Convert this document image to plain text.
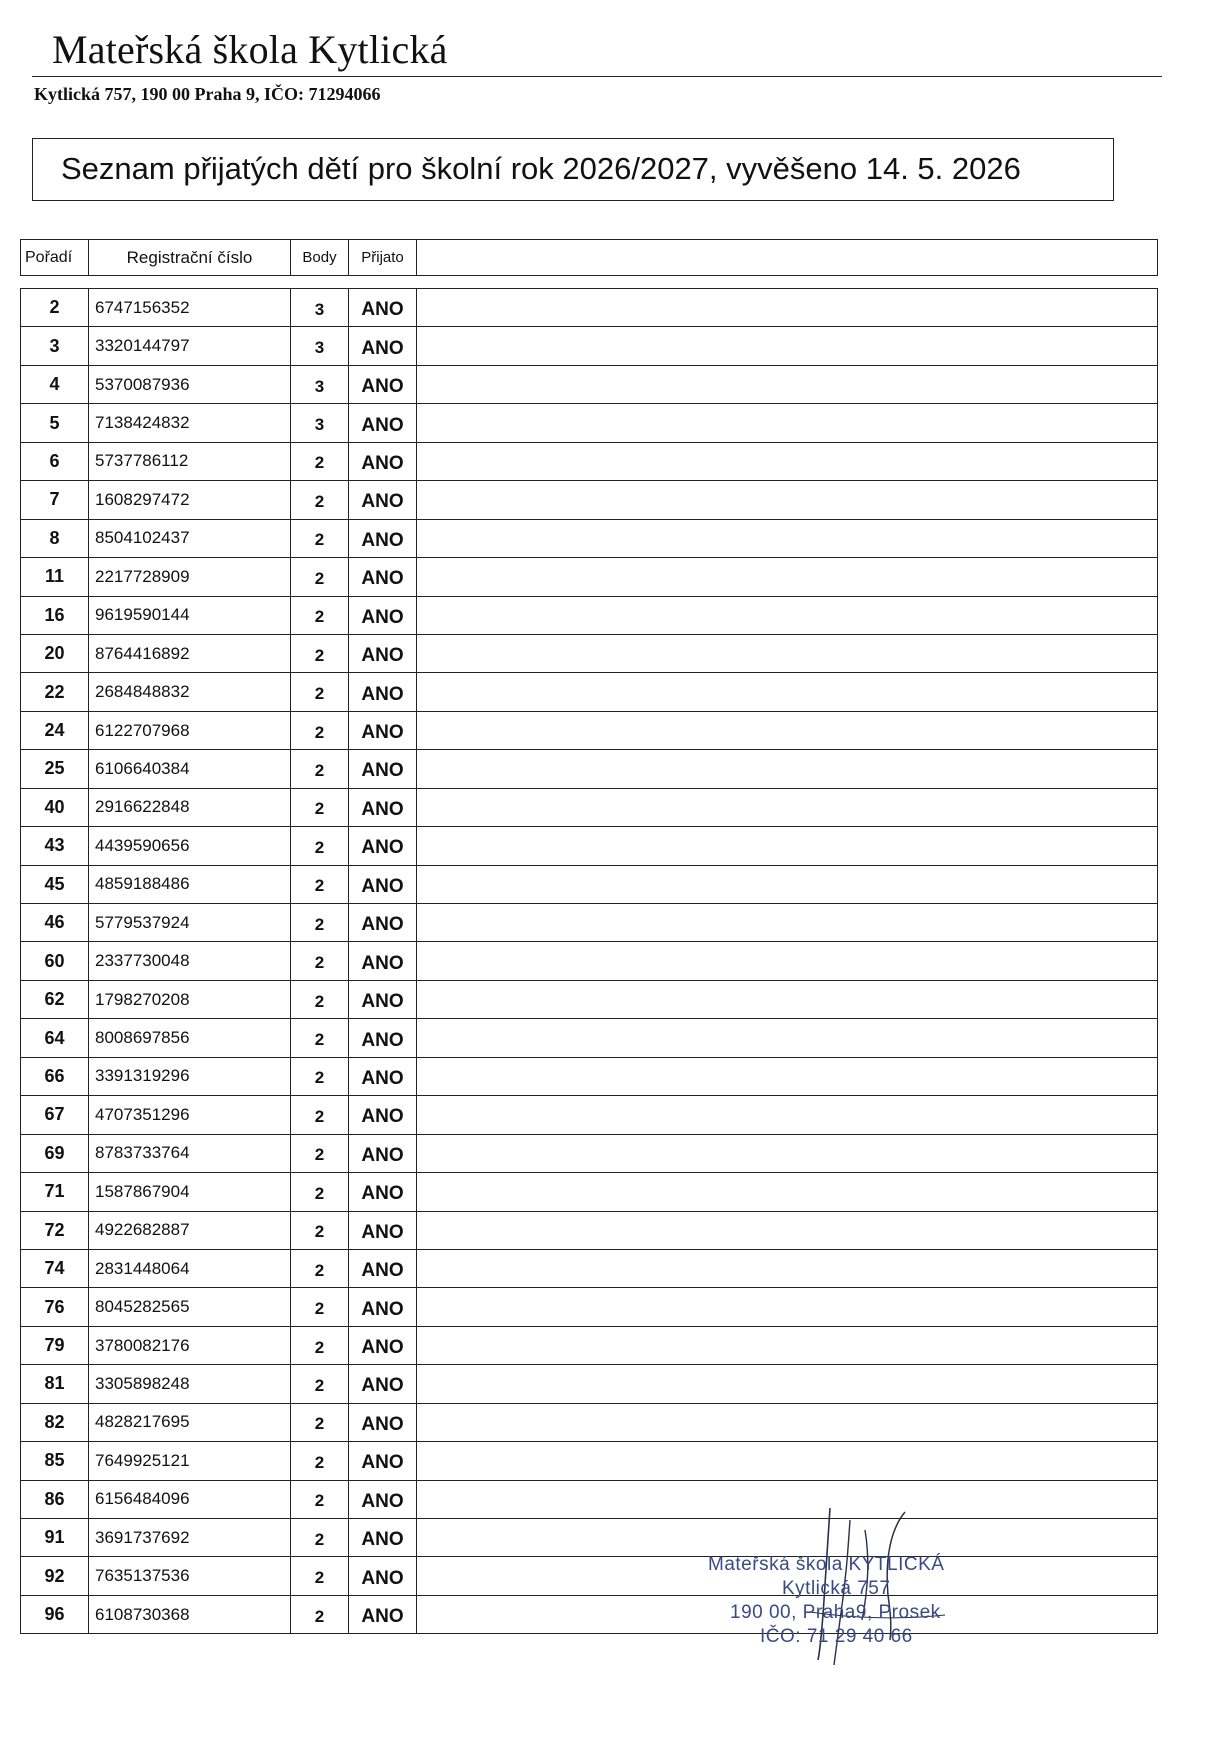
Mateřská škola Kytlická
Kytlická 757, 190 00 Praha 9, IČO: 71294066
Seznam přijatých dětí pro školní rok 2026/2027, vyvěšeno 14. 5. 2026
Pořadí	Registrační číslo	Body	Přijato	
2	6747156352	3	ANO	
3	3320144797	3	ANO	
4	5370087936	3	ANO	
5	7138424832	3	ANO	
6	5737786112	2	ANO	
7	1608297472	2	ANO	
8	8504102437	2	ANO	
11	2217728909	2	ANO	
16	9619590144	2	ANO	
20	8764416892	2	ANO	
22	2684848832	2	ANO	
24	6122707968	2	ANO	
25	6106640384	2	ANO	
40	2916622848	2	ANO	
43	4439590656	2	ANO	
45	4859188486	2	ANO	
46	5779537924	2	ANO	
60	2337730048	2	ANO	
62	1798270208	2	ANO	
64	8008697856	2	ANO	
66	3391319296	2	ANO	
67	4707351296	2	ANO	
69	8783733764	2	ANO	
71	1587867904	2	ANO	
72	4922682887	2	ANO	
74	2831448064	2	ANO	
76	8045282565	2	ANO	
79	3780082176	2	ANO	
81	3305898248	2	ANO	
82	4828217695	2	ANO	
85	7649925121	2	ANO	
86	6156484096	2	ANO	
91	3691737692	2	ANO	
92	7635137536	2	ANO	
96	6108730368	2	ANO	
Mateřská škola KYTLICKÁ
Kytlická 757
190 00, Praha9, Prosek
IČO: 71 29 40 66
